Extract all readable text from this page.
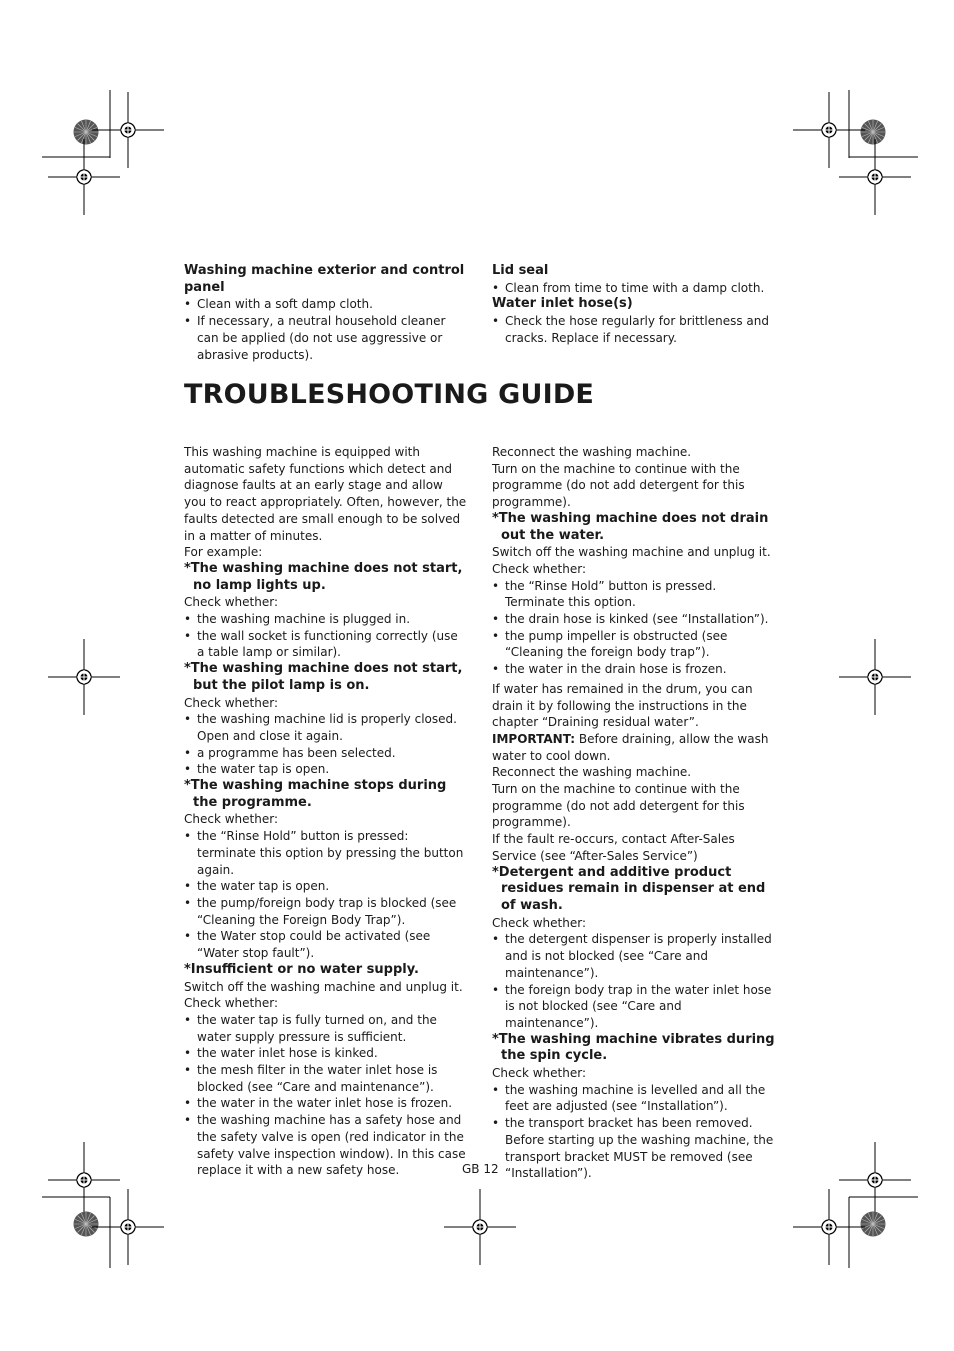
Washing machine exterior and control panel
• Clean with a soft damp cloth.
• If necessary, a neutral household cleaner can be applied (do not use aggressive or abrasive products).
Lid seal
• Clean from time to time with a damp cloth.
Water inlet hose(s)
• Check the hose regularly for brittleness and cracks. Replace if necessary.
TROUBLESHOOTING GUIDE

This washing machine is equipped with automatic safety functions which detect and diagnose faults at an early stage and allow you to react appropriately. Often, however, the faults detected are small enough to be solved in a matter of minutes.

For example:

*The washing machine does not start, no lamp lights up.

Check whether:

• the washing machine is plugged in.
• the wall socket is functioning correctly (use a table lamp or similar).
*The washing machine does not start, but the pilot lamp is on.

Check whether:

• the washing machine lid is properly closed. Open and close it again.
• a programme has been selected.
• the water tap is open.
*The washing machine stops during the programme.

Check whether:

• the “Rinse Hold” button is pressed: terminate this option by pressing the button again.
• the water tap is open.
• the pump/foreign body trap is blocked (see “Cleaning the Foreign Body Trap”).
• the Water stop could be activated (see “Water stop fault”).
*Insufficient or no water supply.

Switch off the washing machine and unplug it.

Check whether:

• the water tap is fully turned on, and the water supply pressure is sufficient.
• the water inlet hose is kinked.
• the mesh filter in the water inlet hose is blocked (see “Care and maintenance”).
• the water in the water inlet hose is frozen.
• the washing machine has a safety hose and the safety valve is open (red indicator in the safety valve inspection window). In this case replace it with a new safety hose.

Reconnect the washing machine.

Turn on the machine to continue with the programme (do not add detergent for this programme).

*The washing machine does not drain out the water.

Switch off the washing machine and unplug it.

Check whether:

• the “Rinse Hold” button is pressed. Terminate this option.
• the drain hose is kinked (see “Installation”).
• the pump impeller is obstructed (see “Cleaning the foreign body trap”).
• the water in the drain hose is frozen.

If water has remained in the drum, you can drain it by following the instructions in the chapter “Draining residual water”.

IMPORTANT: Before draining, allow the wash water to cool down.

Reconnect the washing machine.

Turn on the machine to continue with the programme (do not add detergent for this programme).

If the fault re-occurs, contact After-Sales Service (see “After-Sales Service”)

*Detergent and additive product residues remain in dispenser at end of wash.

Check whether:

• the detergent dispenser is properly installed and is not blocked (see “Care and maintenance”).
• the foreign body trap in the water inlet hose is not blocked (see “Care and maintenance”).
*The washing machine vibrates during the spin cycle.

Check whether:

• the washing machine is levelled and all the feet are adjusted (see “Installation”).
• the transport bracket has been removed. Before starting up the washing machine, the transport bracket MUST be removed (see “Installation”).
GB 12
